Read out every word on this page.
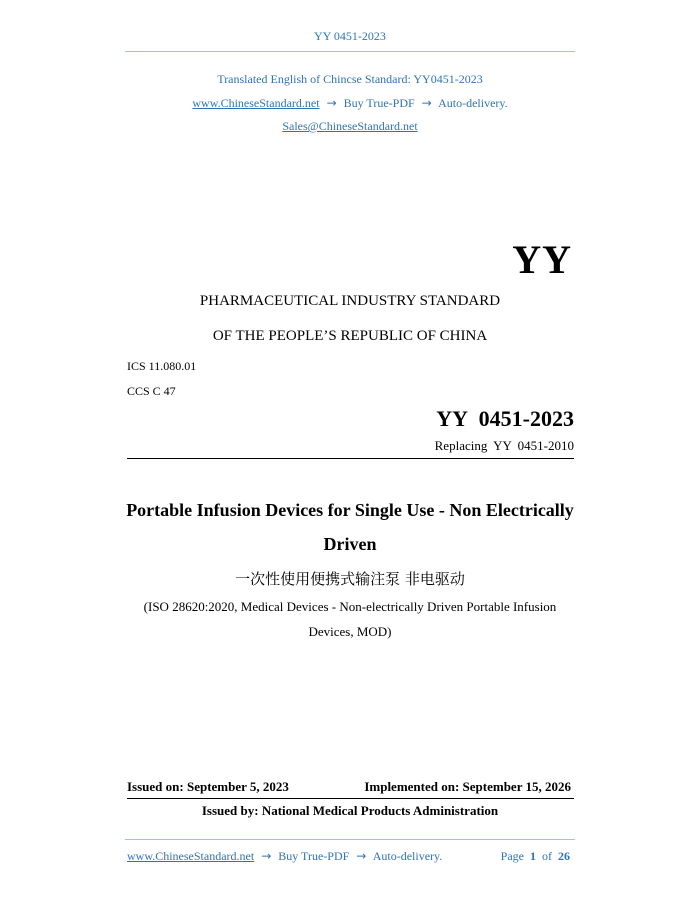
YY 0451-2023
Translated English of Chincse Standard: YY0451-2023
www.ChineseStandard.net → Buy True-PDF → Auto-delivery.
Sales@ChineseStandard.net
YY
PHARMACEUTICAL INDUSTRY STANDARD
OF THE PEOPLE’S REPUBLIC OF CHINA
ICS 11.080.01
CCS C 47
YY 0451-2023
Replacing YY 0451-2010
Portable Infusion Devices for Single Use - Non Electrically
Driven
一次性使用便携式输注泵 非电驱动
(ISO 28620:2020, Medical Devices - Non-electrically Driven Portable Infusion
Devices, MOD)
Issued on: September 5, 2023	Implemented on: September 15, 2026
Issued by: National Medical Products Administration
www.ChineseStandard.net → Buy True-PDF → Auto-delivery.	Page 1 of 26
